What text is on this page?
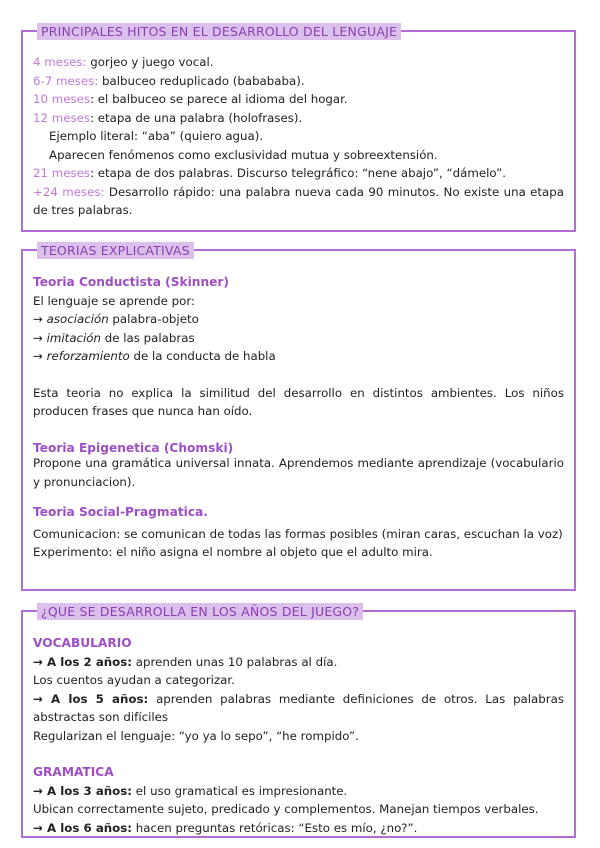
PRINCIPALES HITOS EN EL DESARROLLO DEL LENGUAJE
4 meses: gorjeo y juego vocal.
6-7 meses: balbuceo reduplicado (babababa).
10 meses: el balbuceo se parece al idioma del hogar.
12 meses: etapa de una palabra (holofrases).
Ejemplo literal: “aba” (quiero agua).
Aparecen fenómenos como exclusividad mutua y sobreextensión.
21 meses: etapa de dos palabras. Discurso telegráfico: “nene abajo”, “dámelo”.
+24 meses: Desarrollo rápido: una palabra nueva cada 90 minutos. No existe una etapa de tres palabras.
TEORIAS EXPLICATIVAS
Teoria Conductista (Skinner)
El lenguaje se aprende por:
→ asociación palabra-objeto
→ imitación de las palabras
→ reforzamiento de la conducta de habla
Esta teoria no explica la similitud del desarrollo en distintos ambientes. Los niños producen frases que nunca han oído.
Teoria Epigenetica (Chomski)
Propone una gramática universal innata. Aprendemos mediante aprendizaje (vocabulario y pronunciacion).
Teoria Social-Pragmatica.
Comunicacion: se comunican de todas las formas posibles (miran caras, escuchan la voz)
Experimento: el niño asigna el nombre al objeto que el adulto mira.
¿QUE SE DESARROLLA EN LOS AÑOS DEL JUEGO?
VOCABULARIO
→ A los 2 años: aprenden unas 10 palabras al día.
Los cuentos ayudan a categorizar.
→ A los 5 años: aprenden palabras mediante definiciones de otros. Las palabras abstractas son difíciles
Regularizan el lenguaje: “yo ya lo sepo”, “he rompido”.
GRAMATICA
→ A los 3 años: el uso gramatical es impresionante.
Ubican correctamente sujeto, predicado y complementos. Manejan tiempos verbales.
→ A los 6 años: hacen preguntas retóricas: “Esto es mío, ¿no?”.
